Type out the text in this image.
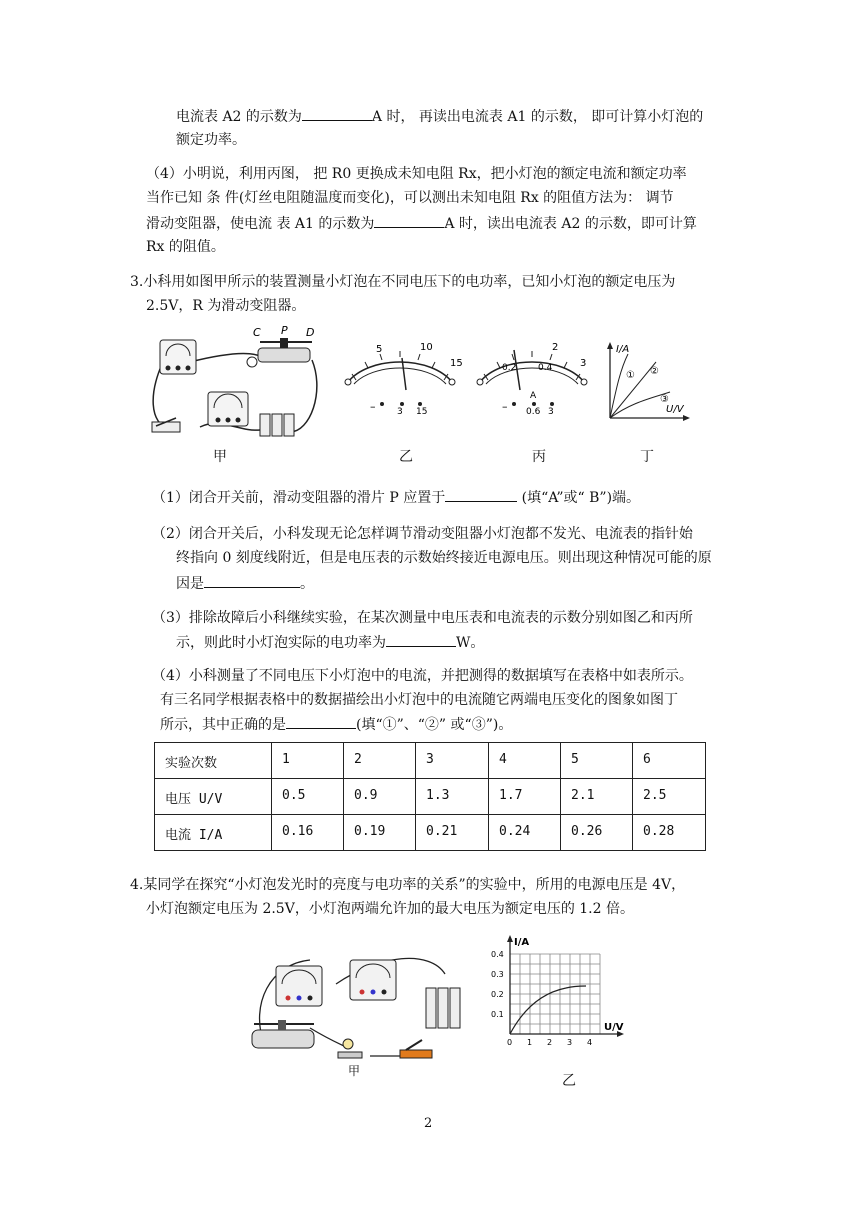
电流表 A2 的示数为	A 时， 再读出电流表 A1 的示数， 即可计算小灯泡的
额定功率。
（4）小明说，利用丙图， 把 R0 更换成未知电阻 Rx，把小灯泡的额定电流和额定功率
当作已知 条 件(灯丝电阻随温度而变化)，可以测出未知电阻 Rx 的阻值方法为： 调节
滑动变阻器，使电流 表 A1 的示数为	A 时，读出电流表 A2 的示数，即可计算
Rx 的阻值。
3.小科用如图甲所示的装置测量小灯泡在不同电压下的电功率，已知小灯泡的额定电压为
2.5V，R 为滑动变阻器。
C P D
甲
5	10
15
– 3 15
乙
0.2 0.4
2
3
A
– 0.6 3
丙
I/A
U/V
① ②
③
丁
（1）闭合开关前，滑动变阻器的滑片 P 应置于	(填“A”或“ B”)端。
（2）闭合开关后，小科发现无论怎样调节滑动变阻器小灯泡都不发光、电流表的指针始
终指向 0 刻度线附近，但是电压表的示数始终接近电源电压。则出现这种情况可能的原
因是	。
（3）排除故障后小科继续实验，在某次测量中电压表和电流表的示数分别如图乙和丙所
示，则此时小灯泡实际的电功率为	W。
（4）小科测量了不同电压下小灯泡中的电流，并把测得的数据填写在表格中如表所示。
有三名同学根据表格中的数据描绘出小灯泡中的电流随它两端电压变化的图象如图丁
所示，其中正确的是	(填“①”、“②” 或“③”)。
实验次数	1	2	3	4	5	6
电压 U/V	0.5	0.9	1.3	1.7	2.1	2.5
电流 I/A	0.16	0.19	0.21	0.24	0.26	0.28
4.某同学在探究“小灯泡发光时的亮度与电功率的关系”的实验中，所用的电源电压是 4V，
小灯泡额定电压为 2.5V，小灯泡两端允许加的最大电压为额定电压的 1.2 倍。
甲
I/A
U/V
0.1
0.2
0.3
0.4
0 1 2 3 4
乙
2
